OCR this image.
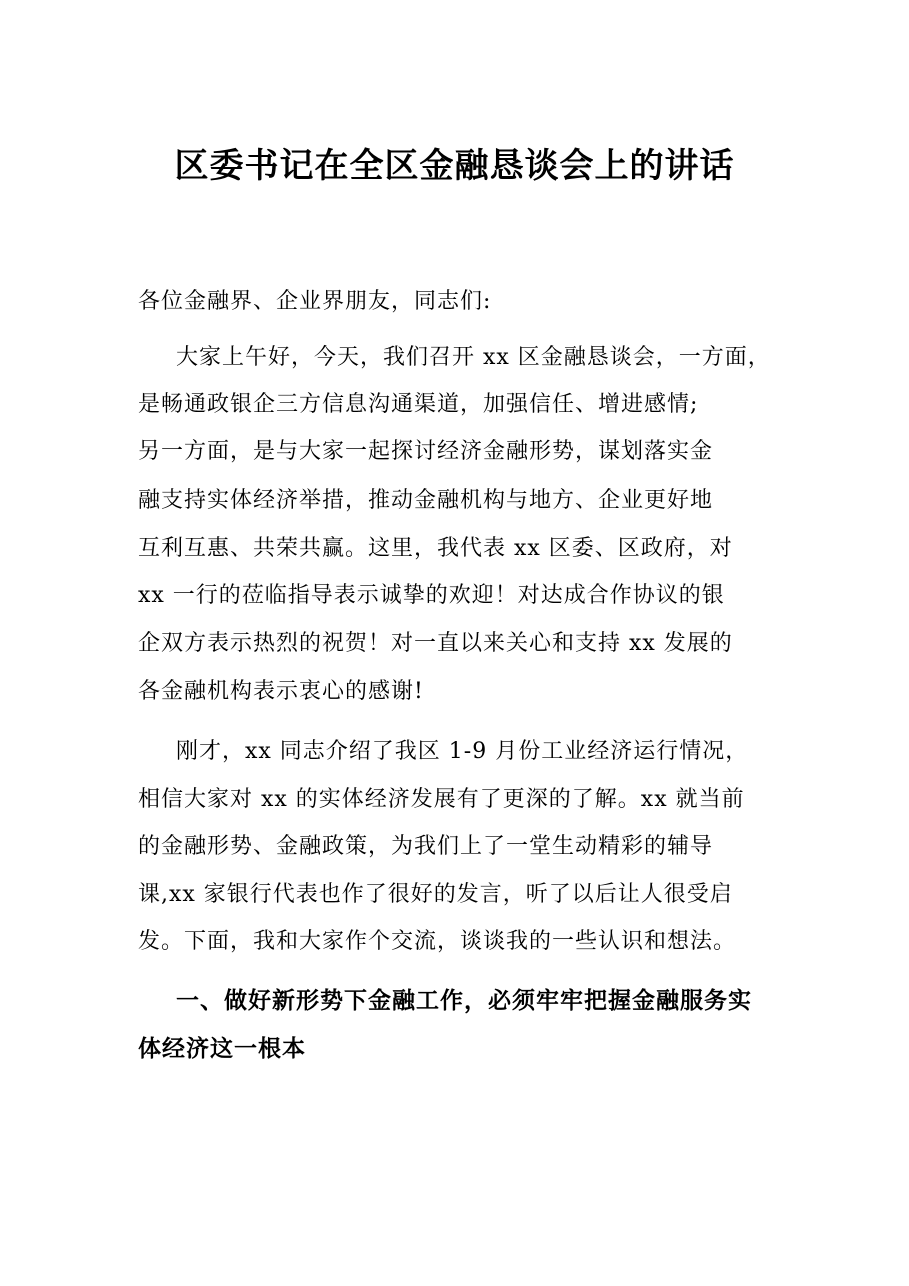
区委书记在全区金融恳谈会上的讲话
各位金融界、企业界朋友，同志们:
大家上午好，今天，我们召开 xx 区金融恳谈会，一方面，
是畅通政银企三方信息沟通渠道，加强信任、增进感情;
另一方面，是与大家一起探讨经济金融形势，谋划落实金
融支持实体经济举措，推动金融机构与地方、企业更好地
互利互惠、共荣共赢。这里，我代表 xx 区委、区政府，对
xx 一行的莅临指导表示诚挚的欢迎！对达成合作协议的银
企双方表示热烈的祝贺！对一直以来关心和支持 xx 发展的
各金融机构表示衷心的感谢!
刚才，xx 同志介绍了我区 1-9 月份工业经济运行情况，
相信大家对 xx 的实体经济发展有了更深的了解。xx 就当前
的金融形势、金融政策，为我们上了一堂生动精彩的辅导
课,xx 家银行代表也作了很好的发言，听了以后让人很受启
发。下面，我和大家作个交流，谈谈我的一些认识和想法。
一、做好新形势下金融工作，必须牢牢把握金融服务实
体经济这一根本
